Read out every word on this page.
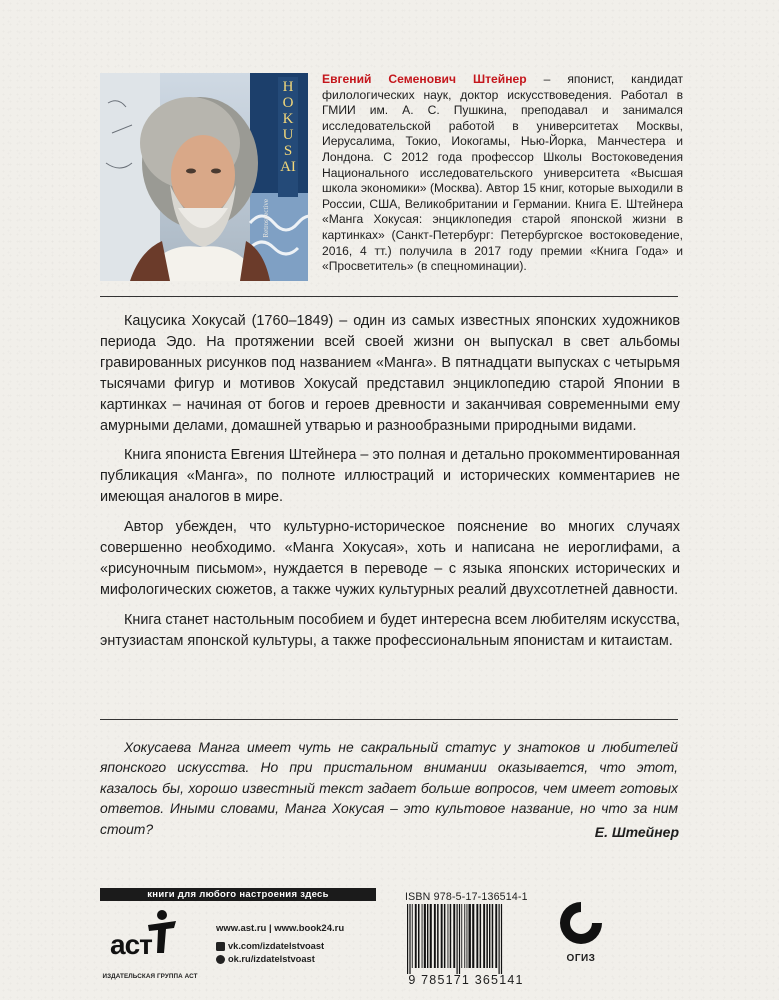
HOKUSAI
Retrospective

Евгений Семенович Штейнер – японист, кандидат филологических наук, доктор искусствоведения. Работал в ГМИИ им. А. С. Пушкина, преподавал и занимался исследовательской работой в университетах Москвы, Иерусалима, Токио, Иокогамы, Нью-Йорка, Манчестера и Лондона. С 2012 года профессор Школы Востоковедения Национального исследовательского университета «Высшая школа экономики» (Москва). Автор 15 книг, которые выходили в России, США, Великобритании и Германии. Книга Е. Штейнера «Манга Хокусая: энциклопедия старой японской жизни в картинках» (Санкт-Петербург: Петербургское востоковедение, 2016, 4 тт.) получила в 2017 году премии «Книга Года» и «Просветитель» (в спецноминации).

Кацусика Хокусай (1760–1849) – один из самых известных японских художников периода Эдо. На протяжении всей своей жизни он выпускал в свет альбомы гравированных рисунков под названием «Манга». В пятнадцати выпусках с четырьмя тысячами фигур и мотивов Хокусай представил энциклопедию старой Японии в картинках – начиная от богов и героев древности и заканчивая современными ему амурными делами, домашней утварью и разнообразными природными видами.

Книга япониста Евгения Штейнера – это полная и детально прокомментированная публикация «Манга», по полноте иллюстраций и исторических комментариев не имеющая аналогов в мире.

Автор убежден, что культурно-историческое пояснение во многих случаях совершенно необходимо. «Манга Хокусая», хоть и написана не иероглифами, а «рисуночным письмом», нуждается в переводе – с языка японских исторических и мифологических сюжетов, а также чужих культурных реалий двухсотлетней давности.

Книга станет настольным пособием и будет интересна всем любителям искусства, энтузиастам японской культуры, а также профессиональным японистам и китаистам.

Хокусаева Манга имеет чуть не сакральный статус у знатоков и любителей японского искусства. Но при пристальном внимании оказывается, что этот, казалось бы, хорошо известный текст задает больше вопросов, чем имеет готовых ответов. Иными словами, Манга Хокусая – это культовое название, но что за ним стоит?	Е. Штейнер
книги для любого настроения здесь
аст
ИЗДАТЕЛЬСКАЯ ГРУППА АСТ
www.ast.ru | www.book24.ru
vk.com/izdatelstvoast
ok.ru/izdatelstvoast
ISBN 978-5-17-136514-1
9 785171 365141
ОГИЗ
